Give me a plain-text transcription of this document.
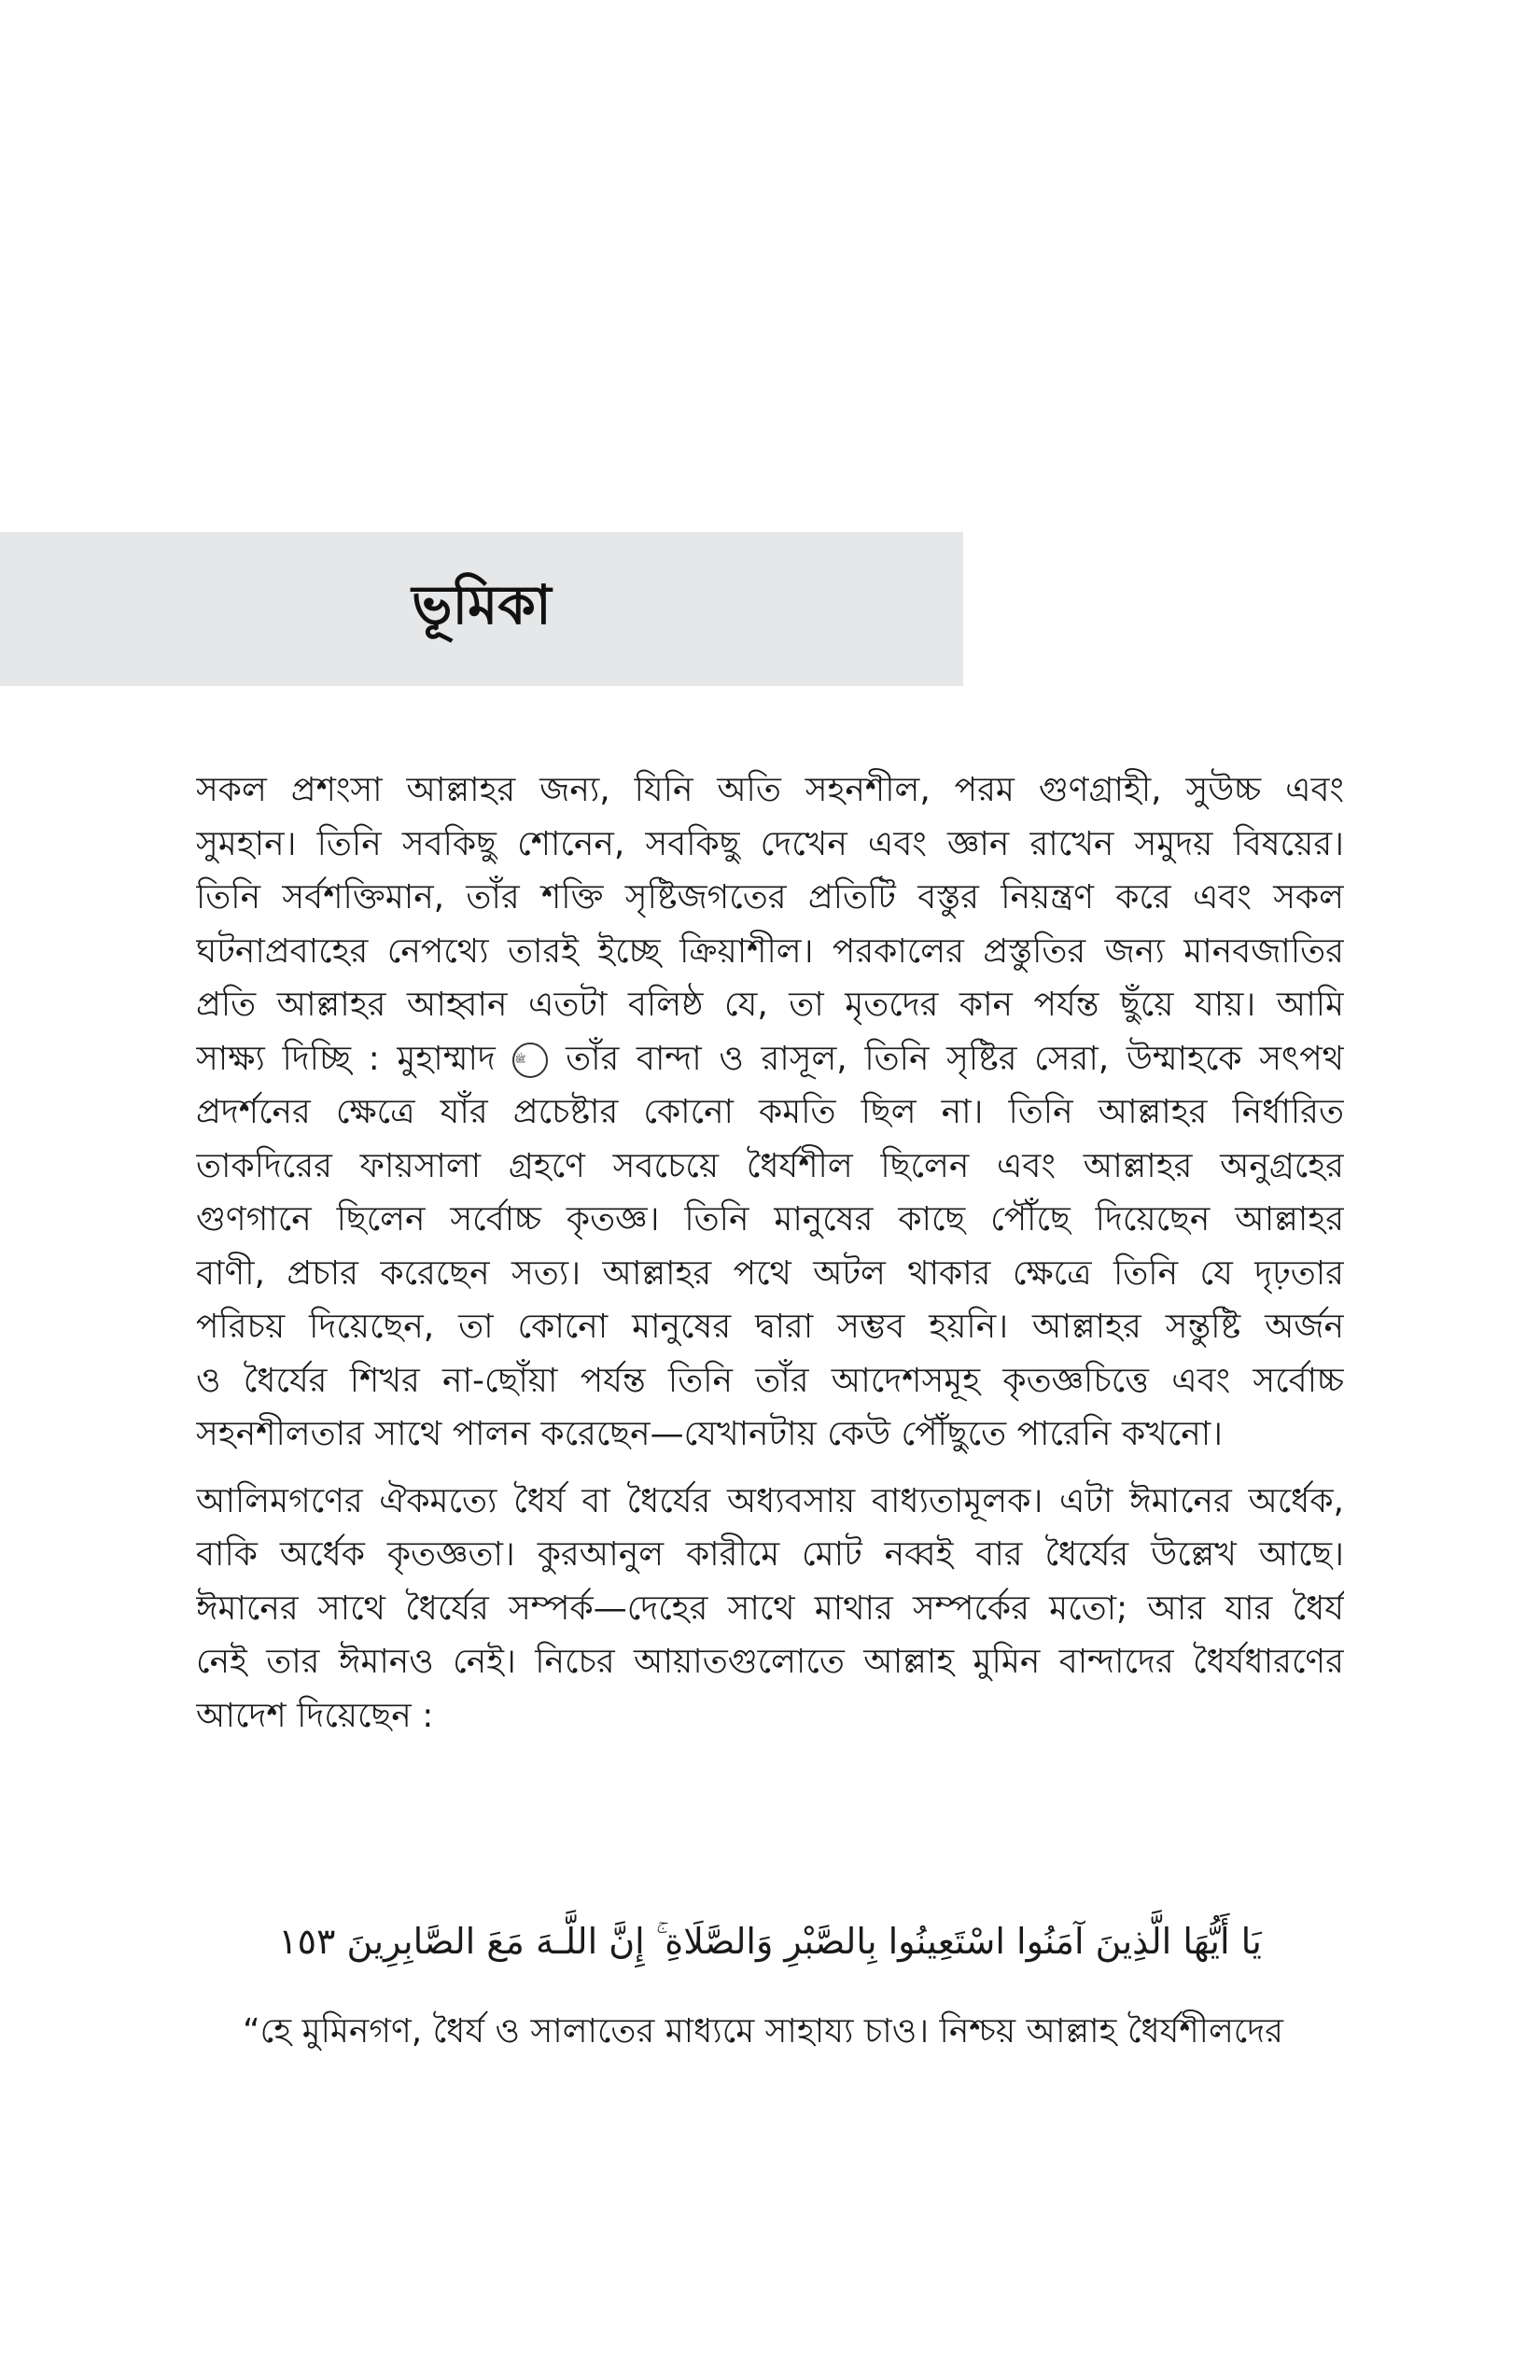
ভূমিকা

সকল প্রশংসা আল্লাহর জন্য, যিনি অতি সহনশীল, পরম গুণগ্রাহী, সুউচ্চ এবং
সুমহান। তিনি সবকিছু শোনেন, সবকিছু দেখেন এবং জ্ঞান রাখেন সমুদয় বিষয়ের।
তিনি সর্বশক্তিমান, তাঁর শক্তি সৃষ্টিজগতের প্রতিটি বস্তুর নিয়ন্ত্রণ করে এবং সকল
ঘটনাপ্রবাহের নেপথ্যে তারই ইচ্ছে ক্রিয়াশীল। পরকালের প্রস্তুতির জন্য মানবজাতির
প্রতি আল্লাহর আহ্বান এতটা বলিষ্ঠ যে, তা মৃতদের কান পর্যন্ত ছুঁয়ে যায়। আমি
সাক্ষ্য দিচ্ছি : মুহাম্মাদ ﷺ তাঁর বান্দা ও রাসূল, তিনি সৃষ্টির সেরা, উম্মাহকে সৎপথ
প্রদর্শনের ক্ষেত্রে যাঁর প্রচেষ্টার কোনো কমতি ছিল না। তিনি আল্লাহর নির্ধারিত
তাকদিরের ফায়সালা গ্রহণে সবচেয়ে ধৈর্যশীল ছিলেন এবং আল্লাহর অনুগ্রহের
গুণগানে ছিলেন সর্বোচ্চ কৃতজ্ঞ। তিনি মানুষের কাছে পৌঁছে দিয়েছেন আল্লাহর
বাণী, প্রচার করেছেন সত্য। আল্লাহর পথে অটল থাকার ক্ষেত্রে তিনি যে দৃঢ়তার
পরিচয় দিয়েছেন, তা কোনো মানুষের দ্বারা সম্ভব হয়নি। আল্লাহর সন্তুষ্টি অর্জন
ও ধৈর্যের শিখর না-ছোঁয়া পর্যন্ত তিনি তাঁর আদেশসমূহ কৃতজ্ঞচিত্তে এবং সর্বোচ্চ
সহনশীলতার সাথে পালন করেছেন—যেখানটায় কেউ পৌঁছুতে পারেনি কখনো।

আলিমগণের ঐকমত্যে ধৈর্য বা ধৈর্যের অধ্যবসায় বাধ্যতামূলক। এটা ঈমানের অর্ধেক,
বাকি অর্ধেক কৃতজ্ঞতা। কুরআনুল কারীমে মোট নব্বই বার ধৈর্যের উল্লেখ আছে।
ঈমানের সাথে ধৈর্যের সম্পর্ক—দেহের সাথে মাথার সম্পর্কের মতো; আর যার ধৈর্য
নেই তার ঈমানও নেই। নিচের আয়াতগুলোতে আল্লাহ মুমিন বান্দাদের ধৈর্যধারণের
আদেশ দিয়েছেন :

يَا أَيُّهَا الَّذِينَ آمَنُوا اسْتَعِينُوا بِالصَّبْرِ وَالصَّلَاةِ ۚ إِنَّ اللَّـهَ مَعَ الصَّابِرِينَ ١٥٣
“হে মুমিনগণ, ধৈর্য ও সালাতের মাধ্যমে সাহায্য চাও। নিশ্চয় আল্লাহ ধৈর্যশীলদের
